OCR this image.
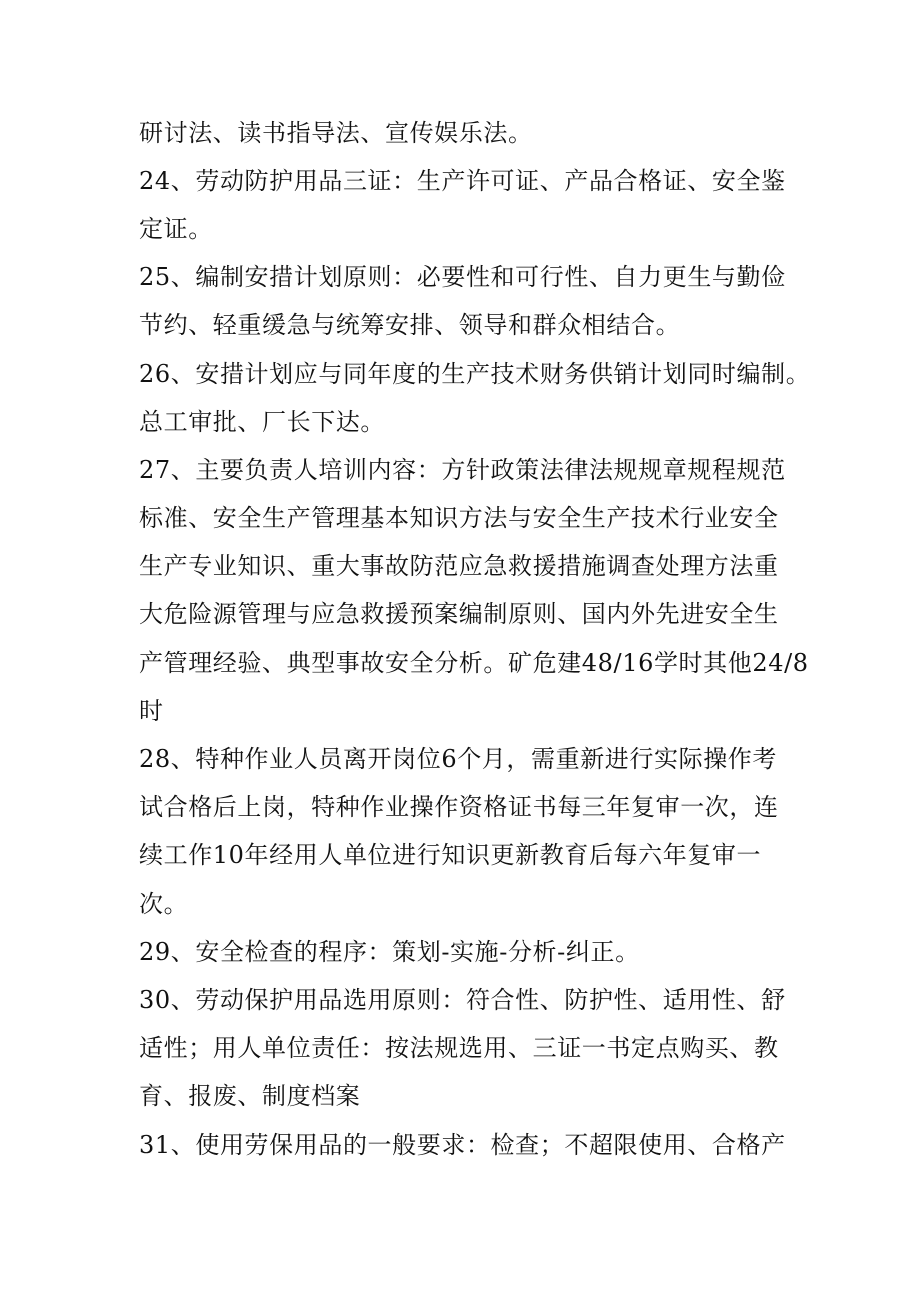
研讨法、读书指导法、宣传娱乐法。
24、劳动防护用品三证：生产许可证、产品合格证、安全鉴
定证。
25、编制安措计划原则：必要性和可行性、自力更生与勤俭
节约、轻重缓急与统筹安排、领导和群众相结合。
26、安措计划应与同年度的生产技术财务供销计划同时编制。
总工审批、厂长下达。
27、主要负责人培训内容：方针政策法律法规规章规程规范
标准、安全生产管理基本知识方法与安全生产技术行业安全
生产专业知识、重大事故防范应急救援措施调查处理方法重
大危险源管理与应急救援预案编制原则、国内外先进安全生
产管理经验、典型事故安全分析。矿危建48/16学时其他24/8
时
28、特种作业人员离开岗位6个月，需重新进行实际操作考
试合格后上岗，特种作业操作资格证书每三年复审一次，连
续工作10年经用人单位进行知识更新教育后每六年复审一
次。
29、安全检查的程序：策划-实施-分析-纠正。
30、劳动保护用品选用原则：符合性、防护性、适用性、舒
适性；用人单位责任：按法规选用、三证一书定点购买、教
育、报废、制度档案
31、使用劳保用品的一般要求：检查；不超限使用、合格产
